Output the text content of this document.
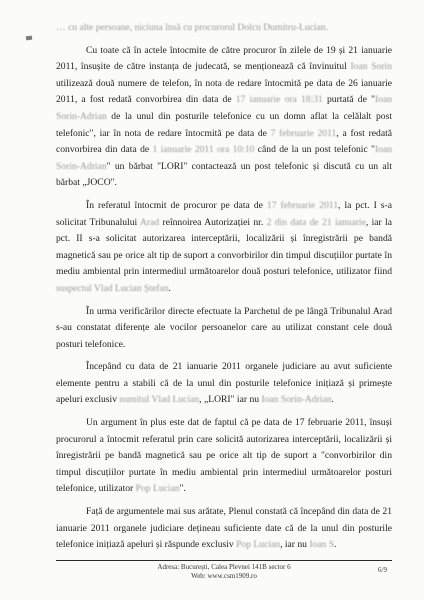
… cu alte persoane, niciuna însă cu procurorul Dolcu Dumitru-Lucian.

Cu toate că în actele întocmite de către procuror în zilele de 19 și 21 ianuarie 2011, însușite de către instanța de judecată, se menționează că învinuitul Ioan Sorin utilizează două numere de telefon, în nota de redare întocmită pe data de 26 ianuarie 2011, a fost redată convorbirea din data de 17 ianuarie ora 18:31 purtată de "Ioan Sorin-Adrian de la unul din posturile telefonice cu un domn aflat la celălalt post telefonic", iar în nota de redare întocmită pe data de 7 februarie 2011, a fost redată convorbirea din data de 1 ianuarie 2011 ora 10:10 când de la un post telefonic "Ioan Sorin-Adrian" un bărbat "LORI" contactează un post telefonic și discută cu un alt bărbat „JOCO".

În referatul întocmit de procuror pe data de 17 februarie 2011, la pct. I s-a solicitat Tribunalului Arad reînnoirea Autorizației nr. 2 din data de 21 ianuarie, iar la pct. II s-a solicitat autorizarea interceptării, localizării și înregistrării pe bandă magnetică sau pe orice alt tip de suport a convorbirilor din timpul discuțiilor purtate în mediu ambiental prin intermediul următoarelor două posturi telefonice, utilizator fiind suspectul Vlad Lucian Ștefan.

În urma verificărilor directe efectuate la Parchetul de pe lângă Tribunalul Arad s-au constatat diferențe ale vocilor persoanelor care au utilizat constant cele două posturi telefonice.

Începând cu data de 21 ianuarie 2011 organele judiciare au avut suficiente elemente pentru a stabili că de la unul din posturile telefonice inițiază și primește apeluri exclusiv numitul Vlad Lucian, „LORI" iar nu Ioan Sorin-Adrian.

Un argument în plus este dat de faptul că pe data de 17 februarie 2011, însuși procurorul a întocmit referatul prin care solicită autorizarea interceptării, localizării și înregistrării pe bandă magnetică sau pe orice alt tip de suport a "convorbirilor din timpul discuțiilor purtate în mediu ambiental prin intermediul următoarelor posturi telefonice, utilizator Pop Lucian".

Față de argumentele mai sus arătate, Plenul constată că începând din data de 21 ianuarie 2011 organele judiciare dețineau suficiente date că de la unul din posturile telefonice inițiază apeluri și răspunde exclusiv Pop Lucian, iar nu Ioan S.

Adresa: București, Calea Plevnei 141B sector 6
Web: www.csm1909.ro
6/9
